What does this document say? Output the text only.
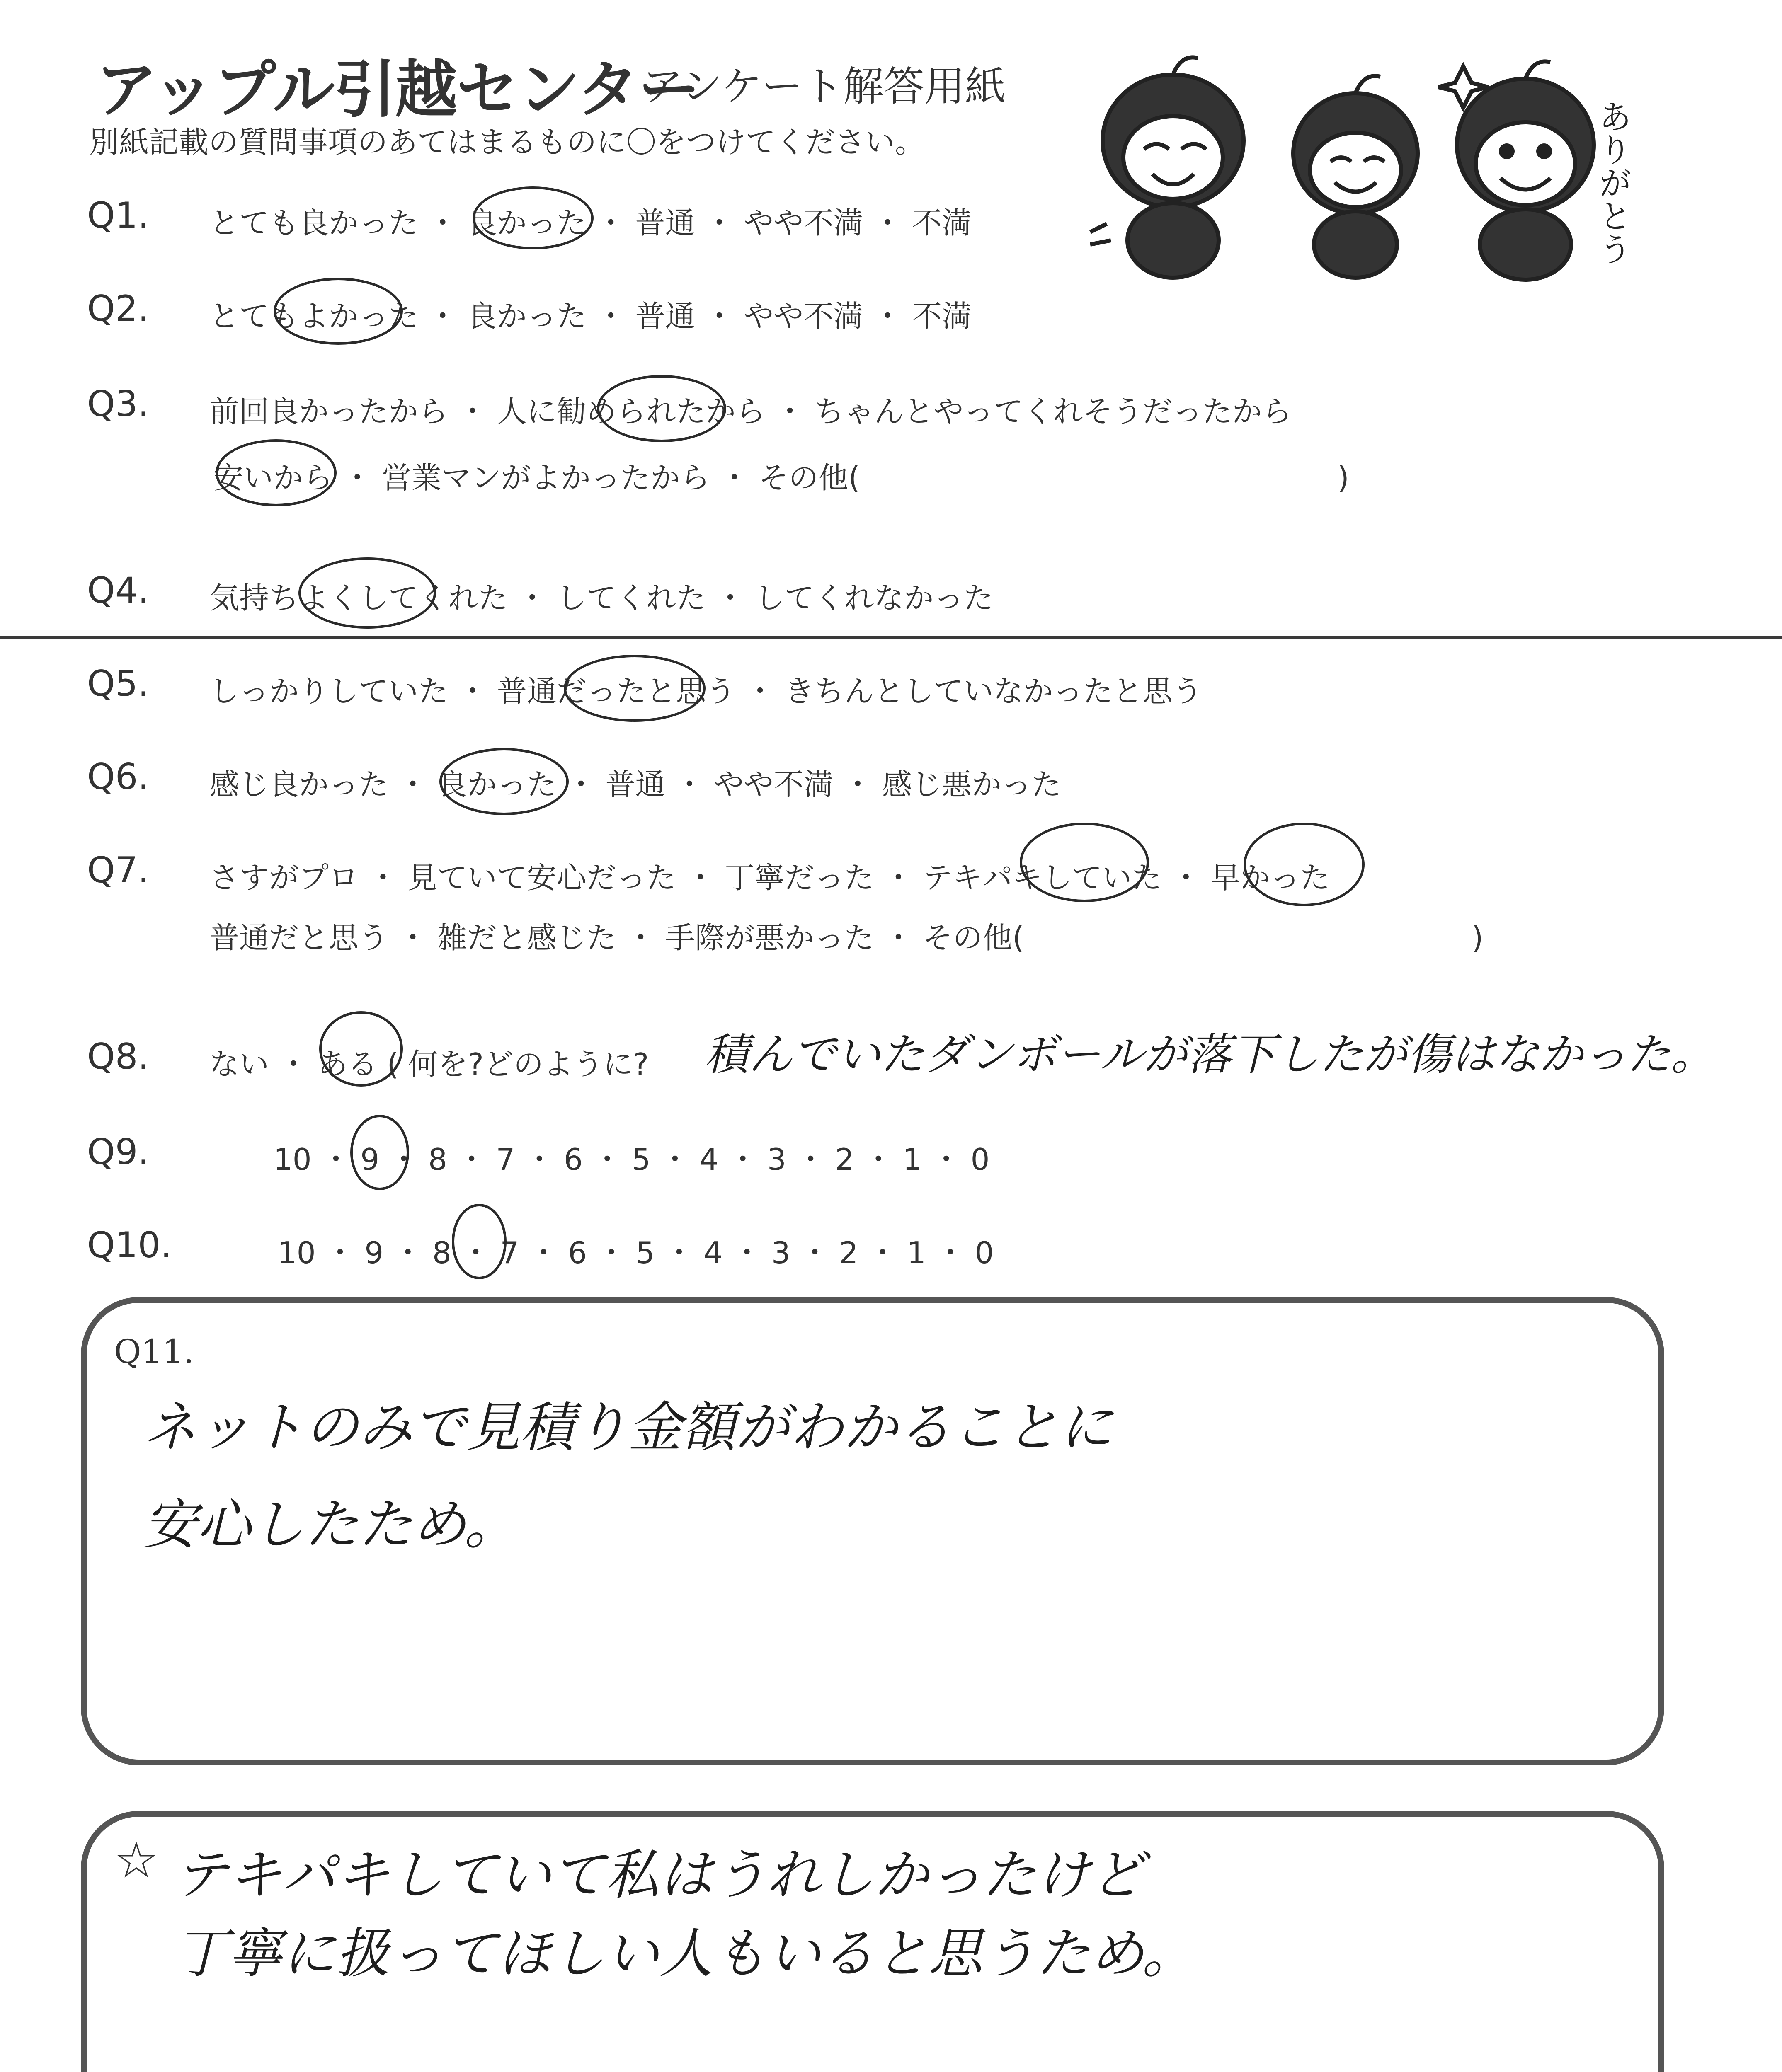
アップル引越センター
アンケート解答用紙
別紙記載の質問事項のあてはまるものに〇をつけてください。	ありがとう
Q1. とても良かった ・ 良かった ・ 普通 ・ やや不満 ・ 不満
Q2. とてもよかった ・ 良かった ・ 普通 ・ やや不満 ・ 不満
Q3. 前回良かったから ・ 人に勧められたから ・ ちゃんとやってくれそうだったから
安いから ・ 営業マンがよかったから ・ その他(　　　　　　　　　　　　　　　　)
Q4. 気持ちよくしてくれた ・ してくれた ・ してくれなかった
Q5. しっかりしていた ・ 普通だったと思う ・ きちんとしていなかったと思う
Q6. 感じ良かった ・ 良かった ・ 普通 ・ やや不満 ・ 感じ悪かった
Q7. さすがプロ ・ 見ていて安心だった ・ 丁寧だった ・ テキパキしていた ・ 早かった
普通だと思う ・ 雑だと感じた ・ 手際が悪かった ・ その他(　　　　　　　　　　　　　　　)
Q8. ない ・ ある ( 何を?どのように? 積んでいたダンボールが落下したが傷はなかった。
Q9.	10 ・ 9 ・ 8 ・ 7 ・ 6 ・ 5 ・ 4 ・ 3 ・ 2 ・ 1 ・ 0
Q10.	10 ・ 9 ・ 8 ・ 7 ・ 6 ・ 5 ・ 4 ・ 3 ・ 2 ・ 1 ・ 0
Q11.
ネットのみで見積り金額がわかることに
安心したため。
☆ テキパキしていて私はうれしかったけど
丁寧に扱ってほしい人もいると思うため。
